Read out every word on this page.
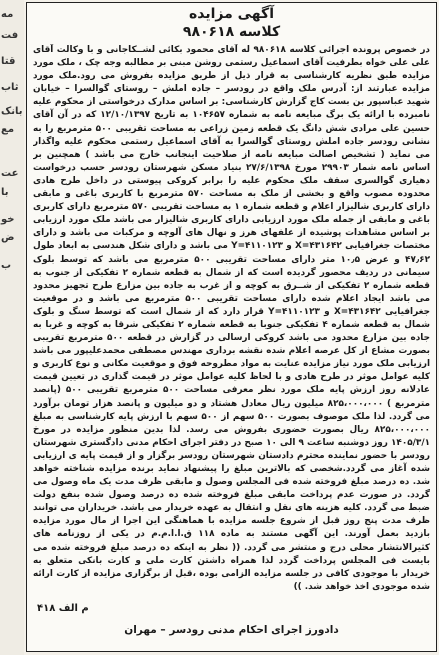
مه
فت
قتا
ثاب
بانک
مع
عت
با
خو
ض
ب
آگهی مزایده
کلاسه ۹۸۰۶۱۸
در خصوص پرونده اجرائی کلاسه ۹۸۰۶۱۸ له آقای محمود بکائی لشــکاجانی و با وکالت آقای علی علی خواه بطرفیت آقای اسماعیل رستمی روشن مبنی بر مطالبه وجه چک ، ملک مورد مزایده طبق نظریه کارشناسی به قرار ذیل از طریق مزایده بفروش می رود.ملک مورد مزایده عبارتند از: آدرس ملک واقع در رودسر – جاده املش – روستای گوالسرا – خیابان شهید عباسپور بن بست کاج گزارش کارشناسی: بر اساس مدارک درخواستی از محکوم علیه نامبرده با ارائه یک برگ مبایعه نامه به شماره ۱۰۴۶۵۷ به تاریخ ۱۲/۱۰/۱۳۹۷ که در آن آقای حسین علی مرادی شش دانگ یک قطعه زمین زراعی به مساحت تقریبی ۵۰۰ مترمربع را به نشانی رودسر جاده املش روستای گوالسرا به آقای اسماعیل رستمی محکوم علیه واگذار می نماید ( تشخیص اصالت مبایعه نامه از صلاحیت اینجانب خارج می باشد ) همچنین بر اساس نامه شمار ۲۹۹۰۳ مورخ ۲۷/۶/۱۳۹۸ بنیاد مسکن شهرستان رودسر حسب درخواست دهیاری گوالسری سقف ملک محکوم علیه را برابر کروکی پیوستی در داخل طرح هادی محدوده مصوب واقع و بخشی از ملک به مساحت ۵۷۰ مترمربع با کاربری باغی و مابقی دارای کاربری شالیزار اعلام و قطعه شماره ۱ به مساحت تقریبی ۵۷۰ مترمربع دارای کاربری باغی و مابقی از جمله ملک مورد ارزیابی دارای کاربری شالیزار می باشد ملک مورد ارزیابی بر اساس مشاهدات پوشیده از علفهای هرز و نهال های آلوچه و مرکبات می باشد و دارای مختصات جغرافیایی X=۴۳۱۶۴۲ و Y=۴۱۱۰۱۲۳ می باشد و دارای شکل هندسی به ابعاد طول ۴۷٫۶۲ و عرض ۱۰٫۵ متر دارای مساحت تقریبی ۵۰۰ مترمربع می باشد که توسط بلوک سیمانی در ردیف محصور گردیده است که از شمال به قطعه شماره ۲ تفکیکی از جنوب به قطعه شماره ۲ تفکیکی از شــرق به کوچه و از غرب به جاده بین مزارع طرح تجهیز محدود می باشد ایجاد اعلام شده دارای مساحت تقریبی ۵۰۰ مترمربع می باشد و در موقعیت جغرافیایی X=۴۳۱۶۴۲ و Y=۴۱۱۰۱۲۳ قرار دارد که از شمال است که توسط سنگ و بلوک شمال به قطعه شماره ۴ تفکیکی جنوبا به قطعه شماره ۲ تفکیکی شرقا به کوچه و غربا به جاده بین مزارع محدود می باشد کروکی ارسالی در گزارش در قطعه ۵۰۰ مترمربع تقریبی بصورت مشاع از کل عرصه اعلام شده نقشه برداری مهندس مصطفی محمدعلیپور می باشد ارزیابی ملک مورد نیاز مزایده عنایت به مواد مطروحه فوق و موقعیت مکانی و نوع کاربری و کلیه عوامل موثر در طرح هادی و با لحاظ کلیه عوامل موثر در قیمت گذاری در تعیین قیمت عادلانه روز ارزش پایه ملک مورد نظر معرفی مساحت ۵۰۰ مترمربع تقریبی ۵۰۰ (پانصد مترمربع ) ۸۲۵،۰۰۰،۰۰۰ میلیون ریال معادل هشتاد و دو میلیون و پانصد هزار تومان برآورد می گردد. لذا ملک موصوف بصورت ۵۰۰ سهم از ۵۰۰ سهم با ارزش پایه کارشناسی به مبلغ ۸۲۵،۰۰۰،۰۰۰ ریال بصورت حضوری بفروش می رسد. لذا بدین منظور مزایده در مورخ ۱۴۰۵/۳/۱ روز دوشنبه ساعت ۹ الی ۱۰ صبح در دفتر اجرای احکام مدنی دادگستری شهرستان رودسر با حضور نماینده محترم دادستان شهرستان رودسر برگزار و از قیمت پایه ی ارزیابی شده آغاز می گردد.شخصی که بالاترین مبلغ را پیشنهاد نماید برنده مزایده شناخته خواهد شد. ده درصد مبلغ فروخته شده فی المجلس وصول و مابقی ظرف مدت یک ماه وصول می گردد. در صورت عدم پرداخت مابقی مبلغ فروخته شده ده درصد وصول شده بنفع دولت ضبط می گردد. کلیه هزینه های نقل و انتقال به عهده خریدار می باشد. خریداران می توانند ظرف مدت پنج روز قبل از شروع جلسه مزایده با هماهنگی این اجرا از مال مورد مزایده بازدید بعمل آورند. این آگهی مستند به ماده ۱۱۸ ق.ا.ا.م.م در یکی از روزنامه های کثیرالانتشار محلی درج و منتشر می گردد. (( نظر به اینکه ده درصد مبلغ فروخته شده می بایست فی المجلس پرداخت گردد لذا همراه داشتن کارت ملی و کارت بانکی متعلق به خریدار با موجودی کافی در جلسه مزایده الزامی بوده ،قبل از برگزاری مزایده از کارت ارائه شده موجودی اخذ خواهد شد. ))
م الف ۴۱۸
دادورز اجرای احکام مدنی رودسر – مهران
